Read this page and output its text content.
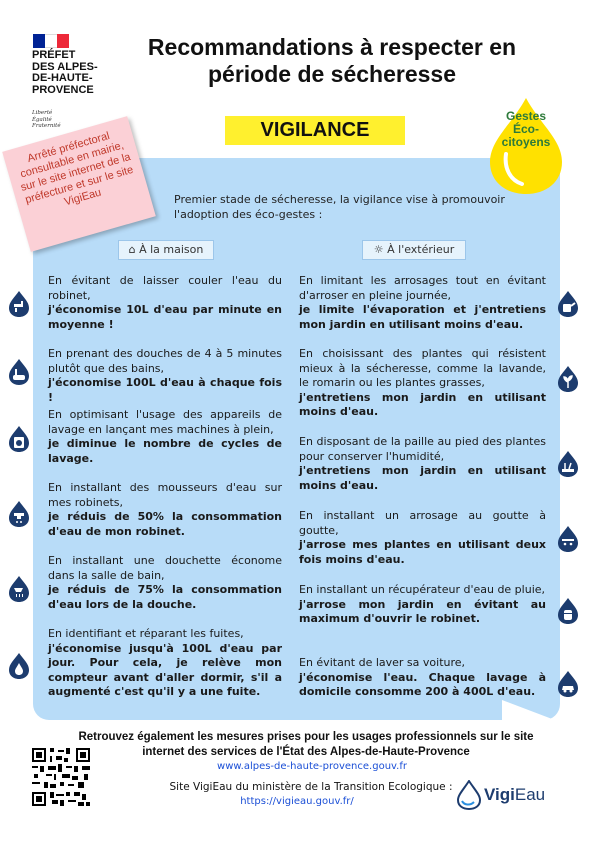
PRÉFET
DES ALPES-
DE-HAUTE-
PROVENCE
Liberté
Égalité
Fraternité
Recommandations à respecter en
période de sécheresse
VIGILANCE
Gestes
Éco-
citoyens
Arrêté préfectoral consultable en mairie, sur le site internet de la préfecture et sur le site VigiEau	Premier stade de sécheresse, la vigilance vise à promouvoir l'adoption des éco-gestes :
⌂ À la maison	☼ À l'extérieur
En évitant de laisser couler l'eau du robinet,
j'économise 10L d'eau par minute en moyenne !
En prenant des douches de 4 à 5 minutes plutôt que des bains,
j'économise 100L d'eau à chaque fois !
En optimisant l'usage des appareils de lavage en lançant mes machines à plein,
je diminue le nombre de cycles de lavage.
En installant des mousseurs d'eau sur mes robinets,
je réduis de 50% la consommation d'eau de mon robinet.
En installant une douchette économe dans la salle de bain,
je réduis de 75% la consommation d'eau lors de la douche.
En identifiant et réparant les fuites,
j'économise jusqu'à 100L d'eau par jour. Pour cela, je relève mon compteur avant d'aller dormir, s'il a augmenté c'est qu'il y a une fuite.
En limitant les arrosages tout en évitant d'arroser en pleine journée,
je limite l'évaporation et j'entretiens mon jardin en utilisant moins d'eau.
En choisissant des plantes qui résistent mieux à la sécheresse, comme la lavande, le romarin ou les plantes grasses,
j'entretiens mon jardin en utilisant moins d'eau.
En disposant de la paille au pied des plantes pour conserver l'humidité,
j'entretiens mon jardin en utilisant moins d'eau.
En installant un arrosage au goutte à goutte,
j'arrose mes plantes en utilisant deux fois moins d'eau.
En installant un récupérateur d'eau de pluie,
j'arrose mon jardin en évitant au maximum d'ouvrir le robinet.
En évitant de laver sa voiture,
j'économise l'eau. Chaque lavage à domicile consomme 200 à 400L d'eau.
Retrouvez également les mesures prises pour les usages professionnels sur le site internet des services de l'État des Alpes-de-Haute-Provence
www.alpes-de-haute-provence.gouv.fr
Site VigiEau du ministère de la Transition Ecologique :
https://vigieau.gouv.fr/	VigiEau
